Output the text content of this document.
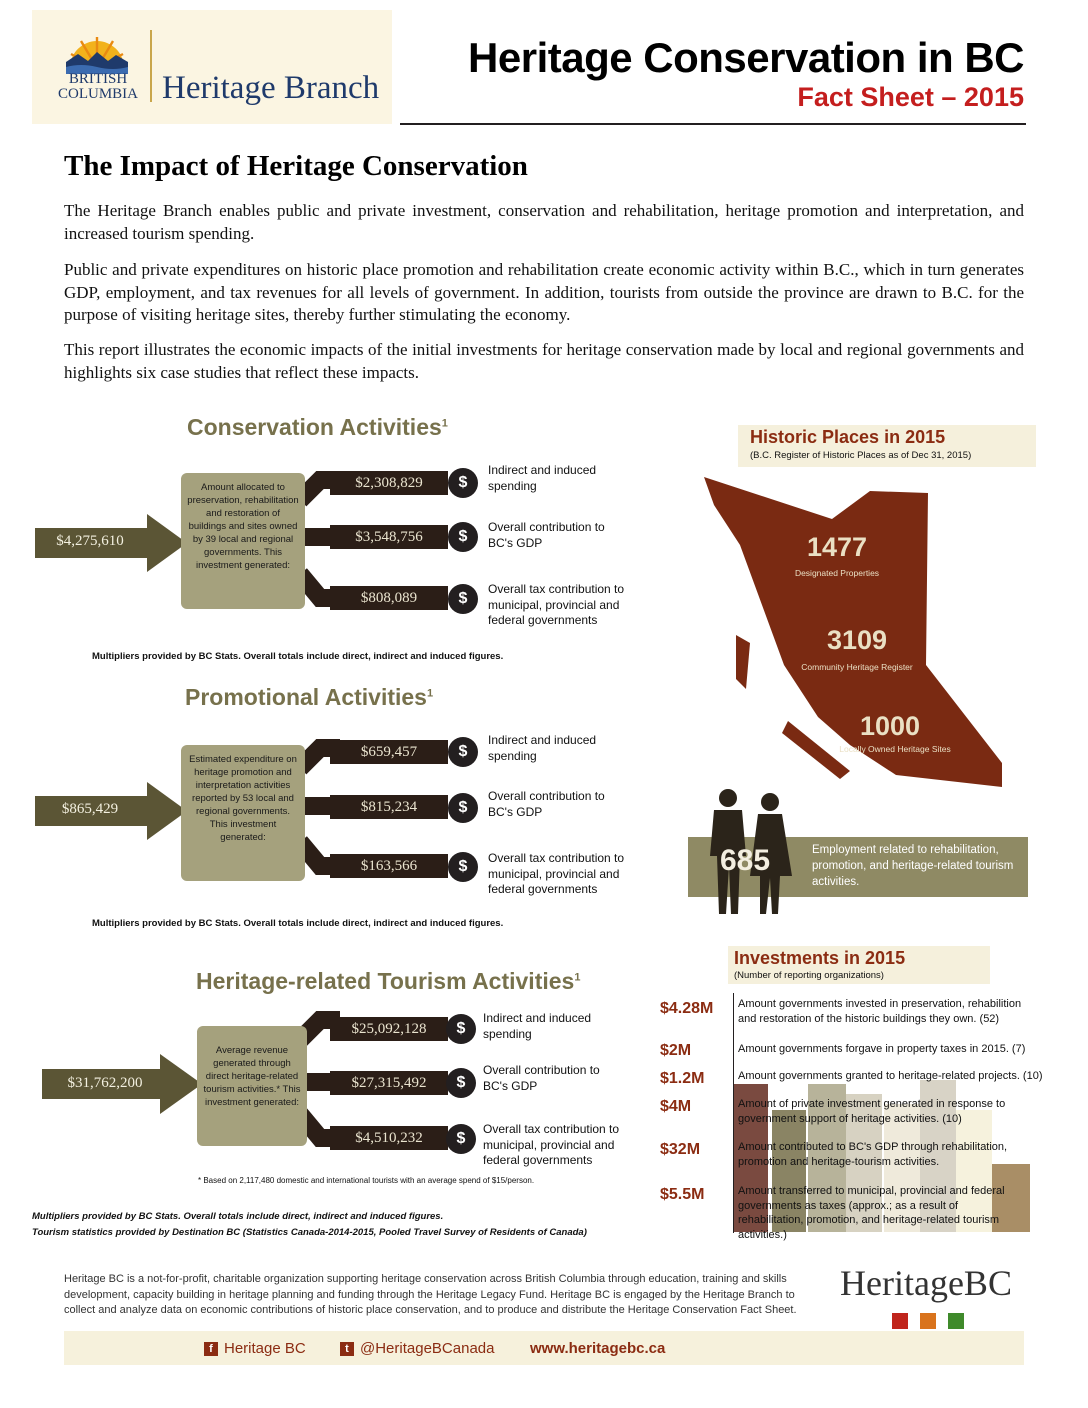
BRITISH
COLUMBIA Heritage Branch
Heritage Conservation in BC
Fact Sheet – 2015
The Impact of Heritage Conservation
The Heritage Branch enables public and private investment, conservation and rehabilitation, heritage promotion and interpretation, and increased tourism spending.
Public and private expenditures on historic place promotion and rehabilitation create economic activity within B.C., which in turn generates GDP, employment, and tax revenues for all levels of government. In addition, tourists from outside the province are drawn to B.C. for the purpose of visiting heritage sites, thereby further stimulating the economy.
This report illustrates the economic impacts of the initial investments for heritage conservation made by local and regional governments and highlights six case studies that reflect these impacts.
Conservation Activities$^1$
$4,275,610
Amount allocated to preservation, rehabilitation and restoration of buildings and sites owned by 39 local and regional governments. This investment generated:
$2,308,829
$3,548,756
$808,089
$
$
$
Indirect and induced spending
Overall contribution to BC's GDP
Overall tax contribution to municipal, provincial and federal governments
Multipliers provided by BC Stats. Overall totals include direct, indirect and induced figures.
Promotional Activities$^1$
$865,429
Estimated expenditure on heritage promotion and interpretation activities reported by 53 local and regional governments. This investment generated:
$659,457
$815,234
$163,566
$
$
$
Indirect and induced spending
Overall contribution to BC's GDP
Overall tax contribution to municipal, provincial and federal governments
Multipliers provided by BC Stats. Overall totals include direct, indirect and induced figures.
Heritage-related Tourism Activities$^1$
$31,762,200
Average revenue generated through direct heritage-related tourism activities.* This investment generated:
$25,092,128
$27,315,492
$4,510,232
$
$
$
Indirect and induced spending
Overall contribution to BC's GDP
Overall tax contribution to municipal, provincial and federal governments
* Based on 2,117,480 domestic and international tourists with an average spend of $15/person.
Historic Places in 2015
(B.C. Register of Historic Places as of Dec 31, 2015)
1477
Designated Properties
3109
Community Heritage Register
1000
Locally Owned Heritage Sites
685	Employment related to rehabilitation, promotion, and heritage-related tourism activities.
Investments in 2015
(Number of reporting organizations)
$4.28M Amount governments invested in preservation, rehabilition and restoration of the historic buildings they own. (52)
$2M	Amount governments forgave in property taxes in 2015. (7)
$1.2M	Amount governments granted to heritage-related projects. (10)
$4M	Amount of private investment generated in response to government support of heritage activities. (10)
$32M	Amount contributed to BC's GDP through rehabilitation, promotion and heritage-tourism activities.
$5.5M	Amount transferred to municipal, provincial and federal governments as taxes (approx.; as a result of rehabilitation, promotion, and heritage-related tourism activities.)
Multipliers provided by BC Stats. Overall totals include direct, indirect and induced figures.
Tourism statistics provided by Destination BC (Statistics Canada-2014-2015, Pooled Travel Survey of Residents of Canada)
Heritage BC is a not-for-profit, charitable organization supporting heritage conservation across British Columbia through education, training and skills development, capacity building in heritage planning and funding through the Heritage Legacy Fund. Heritage BC is engaged by the Heritage Branch to collect and analyze data on economic contributions of historic place conservation, and to produce and distribute the Heritage Conservation Fact Sheet.
HeritageBC
f Heritage BC	t @HeritageBCanada www.heritagebc.ca
